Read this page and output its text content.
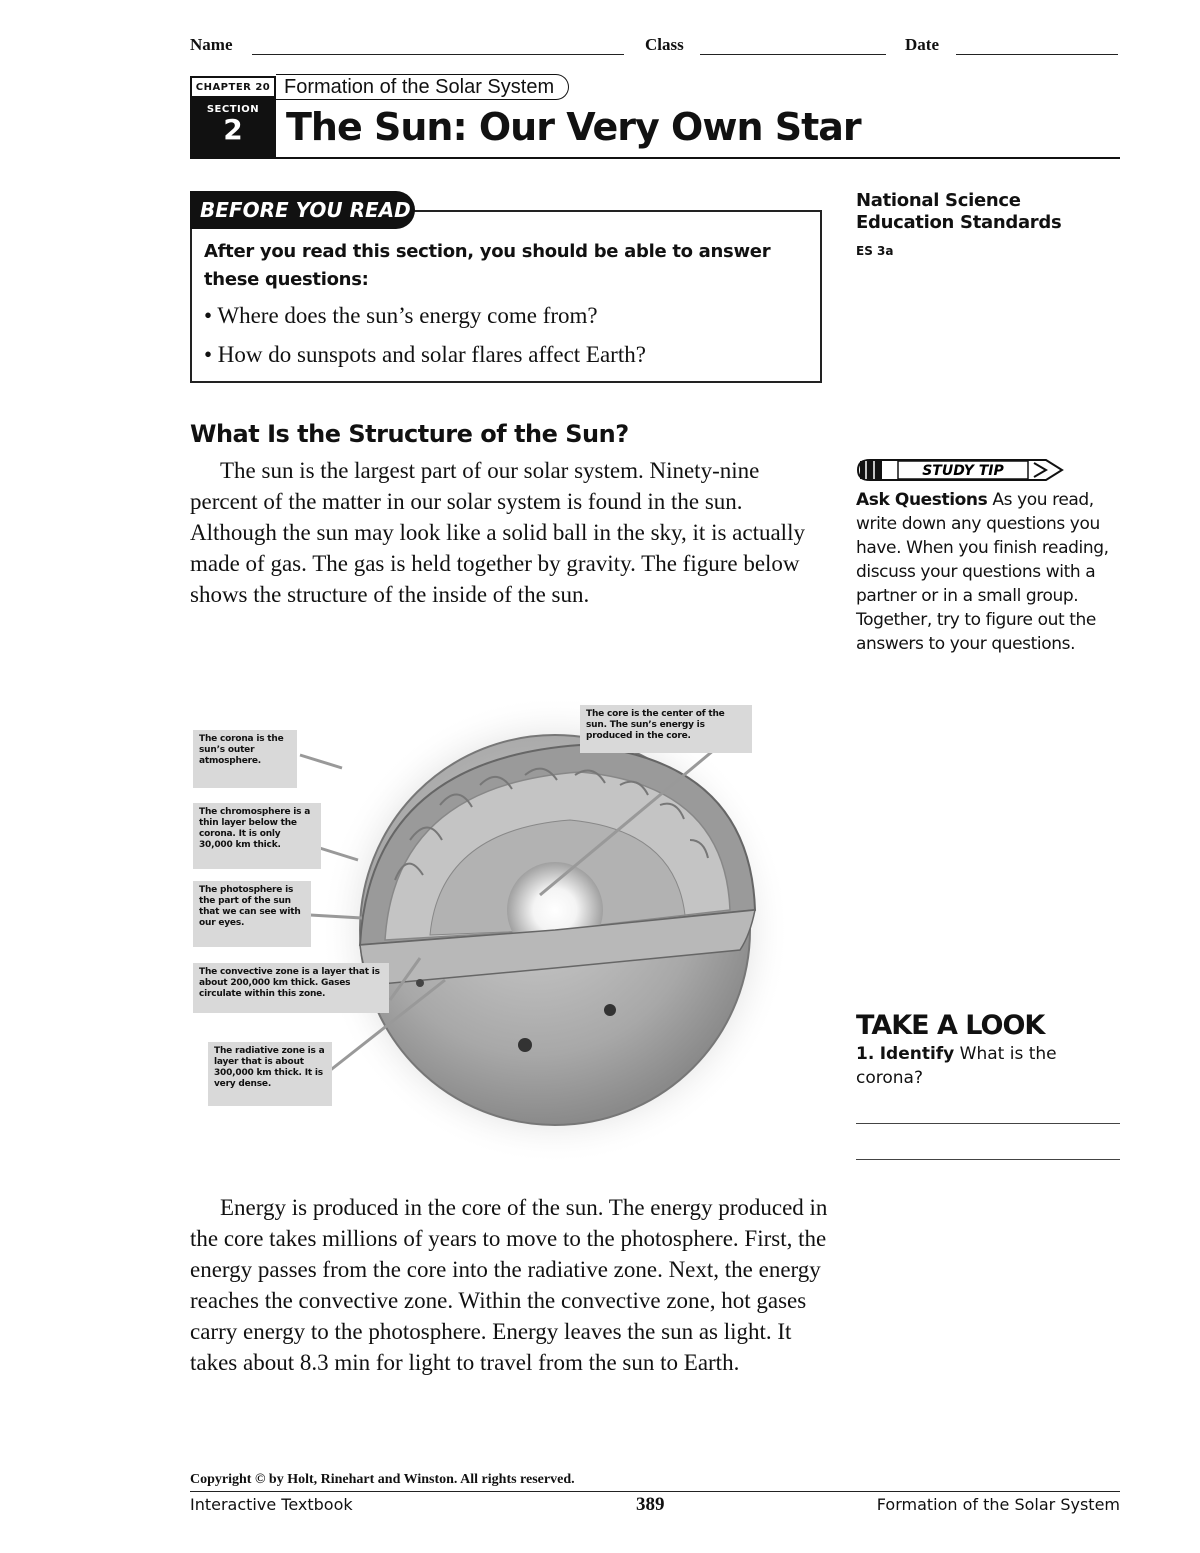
Name	Class	Date
CHAPTER 20 Formation of the Solar System
SECTION
2	The Sun: Our Very Own Star
BEFORE YOU READ
After you read this section, you should be able to answer these questions:
• Where does the sun’s energy come from?
• How do sunspots and solar flares affect Earth?
National Science Education Standards
ES 3a
What Is the Structure of the Sun?
The sun is the largest part of our solar system. Ninety-nine percent of the matter in our solar system is found in the sun. Although the sun may look like a solid ball in the sky, it is actually made of gas. The gas is held together by gravity. The figure below shows the structure of the inside of the sun.
STUDY TIP
Ask Questions As you read, write down any questions you have. When you finish reading, discuss your questions with a partner or in a small group. Together, try to figure out the answers to your questions.
The core is the center of the sun. The sun’s energy is produced in the core.
The corona is the sun’s outer atmosphere.
The chromosphere is a thin layer below the corona. It is only 30,000 km thick.
The photosphere is the part of the sun that we can see with our eyes.
The convective zone is a layer that is about 200,000 km thick. Gases circulate within this zone.
The radiative zone is a layer that is about 300,000 km thick. It is very dense.
TAKE A LOOK
1. Identify What is the corona?
Energy is produced in the core of the sun. The energy produced in the core takes millions of years to move to the photosphere. First, the energy passes from the core into the radiative zone. Next, the energy reaches the convective zone. Within the convective zone, hot gases carry energy to the photosphere. Energy leaves the sun as light. It takes about 8.3 min for light to travel from the sun to Earth.
Copyright © by Holt, Rinehart and Winston. All rights reserved.
Interactive Textbook	389	Formation of the Solar System
